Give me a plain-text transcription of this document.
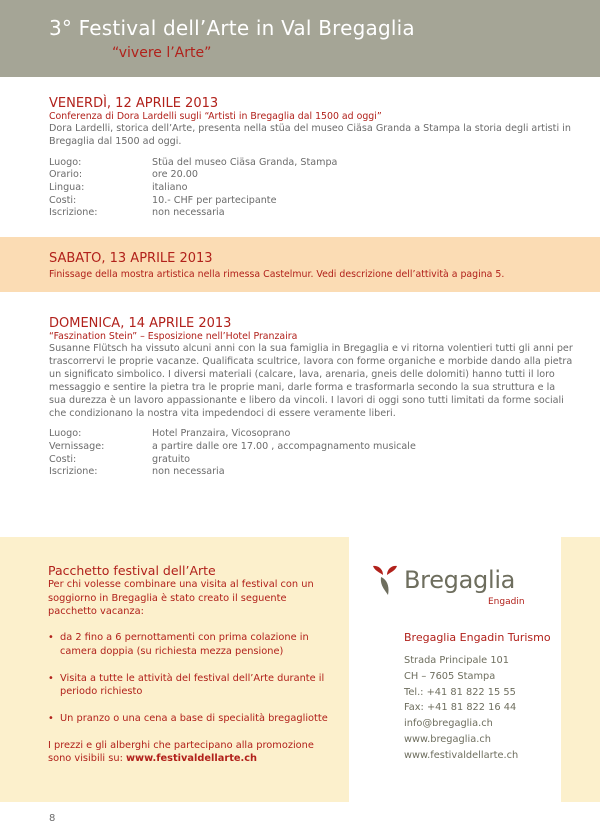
3° Festival dell’Arte in Val Bregaglia
“vivere l’Arte”
VENERDÌ, 12 APRILE 2013
Conferenza di Dora Lardelli sugli “Artisti in Bregaglia dal 1500 ad oggi”
Dora Lardelli, storica dell’Arte, presenta nella stüa del museo Ciäsa Granda a Stampa la storia degli artisti in Bregaglia dal 1500 ad oggi.
Luogo:	Stüa del museo Ciäsa Granda, Stampa
Orario:	ore 20.00
Lingua:	italiano
Costi:	10.- CHF per partecipante
Iscrizione:	non necessaria
SABATO, 13 APRILE 2013
Finissage della mostra artistica nella rimessa Castelmur. Vedi descrizione dell’attività a pagina 5.
DOMENICA, 14 APRILE 2013
“Faszination Stein” – Esposizione nell’Hotel Pranzaira
Susanne Flütsch ha vissuto alcuni anni con la sua famiglia in Bregaglia e vi ritorna volentieri tutti gli anni per trascorrervi le proprie vacanze. Qualificata scultrice, lavora con forme organiche e morbide dando alla pietra un significato simbolico. I diversi materiali (calcare, lava, arenaria, gneis delle dolomiti) hanno tutti il loro messaggio e sentire la pietra tra le proprie mani, darle forma e trasformarla secondo la sua struttura e la sua durezza è un lavoro appassionante e libero da vincoli. I lavori di oggi sono tutti limitati da forme sociali che condizionano la nostra vita impedendoci di essere veramente liberi.
Luogo:	Hotel Pranzaira, Vicosoprano
Vernissage:	a partire dalle ore 17.00 , accompagnamento musicale
Costi:	gratuito
Iscrizione:	non necessaria
Pacchetto festival dell’Arte
Per chi volesse combinare una visita al festival con un soggiorno in Bregaglia è stato creato il seguente pacchetto vacanza:
• da 2 fino a 6 pernottamenti con prima colazione in camera doppia (su richiesta mezza pensione)
• Visita a tutte le attività del festival dell’Arte durante il periodo richiesto
• Un pranzo o una cena a base di specialità bregagliotte
I prezzi e gli alberghi che partecipano alla promozione sono visibili su: www.festivaldellarte.ch
Bregaglia
Engadin
Bregaglia Engadin Turismo
Strada Principale 101
CH – 7605 Stampa
Tel.: +41 81 822 15 55
Fax: +41 81 822 16 44
info@bregaglia.ch
www.bregaglia.ch
www.festivaldellarte.ch
8
